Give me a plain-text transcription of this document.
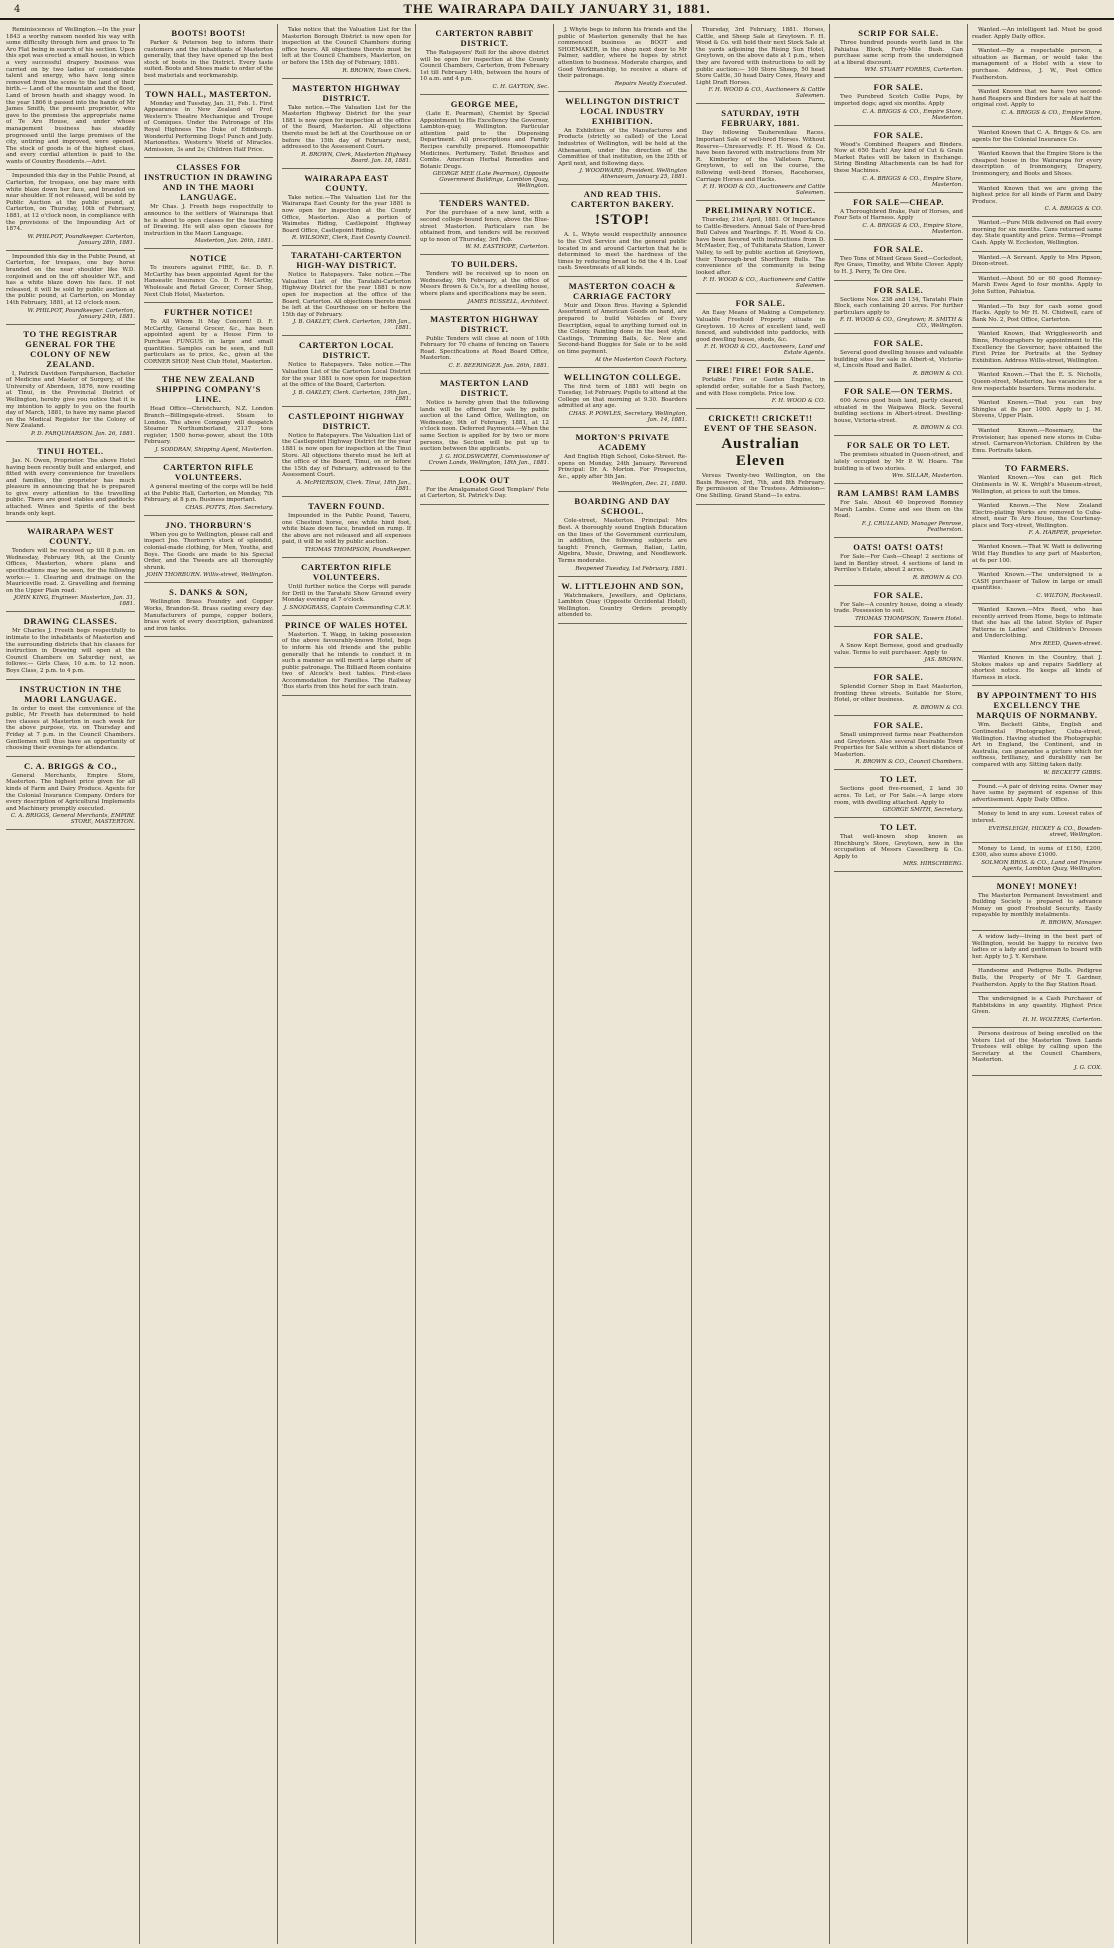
4	THE WAIRARAPA DAILY JANUARY 31, 1881.

Reminiscences of Wellington.—In the year 1843 a worthy ransom needed his way with some difficulty through fern and grass to Te Aro Flat being in search of his section. Upon this spot was erected a small house, in which a very successful drapery business was carried on by two ladies of considerable talent and energy, who have long since removed from the scene to the land of their birth.— Land of the mountain and the flood, Land of brown heath and shaggy wood. In the year 1866 it passed into the hands of Mr James Smith, the present proprietor, who gave to the premises the appropriate name of Te Aro House, and under whose management business has steadily progressed until the large premises of the city, untiring and improved, were opened. The stock of goods is of the highest class, and every cordial attention is paid to the wants of Country Residents.—Advt.

Impounded this day in the Public Pound, at Carterton, for trespass, one bay mare with white blaze down her face, and branded on near shoulder. If not released, will be sold by Public Auction at the public pound, at Carterton, on Thursday, 10th of February, 1881, at 12 o'clock noon, in compliance with the provisions of the Impounding Act of 1874.

W. PHILPOT, Poundkeeper. Carterton, January 28th, 1881.

Impounded this day in the Public Pound, at Carterton, for trespass, one bay horse branded on the near shoulder like W.D. conjoined and on the off shoulder W.F., and has a white blaze down his face. If not released, it will be sold by public auction at the public pound, at Carterton, on Monday 14th February, 1881, at 12 o'clock noon.

W. PHILPOT, Poundkeeper. Carterton, January 24th, 1881.
TO THE REGISTRAR GENERAL FOR THE COLONY OF NEW ZEALAND.

I, Patrick Davidson Farquharson, Bachelor of Medicine and Master of Surgery, of the University of Aberdeen, 1876, now residing at Tinui, in the Provincial District of Wellington, hereby give you notice that it is my intention to apply to you on the fourth day of March, 1881, to have my name placed on the Medical Register for the Colony of New Zealand.

P. D. FARQUHARSON. Jan. 26, 1881.
TINUI HOTEL.

Jas. N. Owen, Proprietor. The above Hotel having been recently built and enlarged, and fitted with every convenience for travellers and families, the proprietor has much pleasure in announcing that he is prepared to give every attention to the travelling public. There are good stables and paddocks attached. Wines and Spirits of the best brands only kept.

WAIRARAPA WEST COUNTY.

Tenders will be received up till 8 p.m. on Wednesday, February 9th, at the County Offices, Masterton, where plans and specifications may be seen, for the following works:— 1. Clearing and drainage on the Mauriceville road. 2. Gravelling and forming on the Upper Plain road.

JOHN KING, Engineer. Masterton, Jan. 31, 1881.
DRAWING CLASSES.

Mr Charles J. Freeth begs respectfully to intimate to the inhabitants of Masterton and the surrounding districts that his classes for instruction in Drawing will open at the Council Chambers on Saturday next, as follows:— Girls Class, 10 a.m. to 12 noon. Boys Class, 2 p.m. to 4 p.m.

INSTRUCTION IN THE MAORI LANGUAGE.

In order to meet the convenience of the public, Mr Freeth has determined to hold two classes at Masterton in each week for the above purpose, viz. on Thursday and Friday at 7 p.m. in the Council Chambers. Gentlemen will thus have an opportunity of choosing their evenings for attendance.

C. A. BRIGGS & CO.,

General Merchants, Empire Store, Masterton. The highest price given for all kinds of Farm and Dairy Produce. Agents for the Colonial Insurance Company. Orders for every description of Agricultural Implements and Machinery promptly executed.

C. A. BRIGGS, General Merchants, EMPIRE STORE, MASTERTON.
BOOTS! BOOTS!

Parker & Peterson beg to inform their customers and the inhabitants of Masterton generally, that they have opened up the best stock of boots in the District. Every taste suited. Boots and Shoes made to order of the best materials and workmanship.

TOWN HALL, MASTERTON.

Monday and Tuesday, Jan. 31, Feb. 1. First Appearance in New Zealand of Prof. Western's Theatre Mechanique and Troupe of Comiques. Under the Patronage of His Royal Highness The Duke of Edinburgh. Wonderful Performing Dogs! Punch and Judy. Marionettes. Western's World of Miracles. Admission, 3s and 2s; Children Half Price.

CLASSES FOR INSTRUCTION IN DRAWING AND IN THE MAORI LANGUAGE.

Mr Chas. J. Freeth begs respectfully to announce to the settlers of Wairarapa that he is about to open classes for the teaching of Drawing. He will also open classes for instruction in the Maori Language.

Masterton, Jan. 26th, 1881.
NOTICE

To insurers against FIRE, &c. D. F. McCarthy has been appointed Agent for the Hanseatic Insurance Co. D. F. McCarthy, Wholesale and Retail Grocer, Corner Shop, Next Club Hotel, Masterton.

FURTHER NOTICE!

To All Whom It May Concern! D. F. McCarthy, General Grocer, &c., has been appointed agent by a House Firm to Purchase FUNGUS in large and small quantities. Samples can be seen, and full particulars as to price, &c., given at the CORNER SHOP, Next Club Hotel, Masterton.

THE NEW ZEALAND SHIPPING COMPANY'S LINE.

Head Office—Christchurch, N.Z. London Branch—Billingsgate-street. Steam to London. The above Company will despatch Steamer Northumberland, 2137 tons register, 1500 horse-power, about the 10th February.

J. SODDRAN, Shipping Agent, Masterton.
CARTERTON RIFLE VOLUNTEERS.

A general meeting of the corps will be held at the Public Hall, Carterton, on Monday, 7th February, at 8 p.m. Business important.

CHAS. POTTS, Hon. Secretary.
JNO. THORBURN'S

When you go to Wellington, please call and inspect Jno. Thorburn's stock of splendid, colonial-made clothing, for Men, Youths, and Boys. The Goods are made to his Special Order, and the Tweeds are all thoroughly shrunk.

JOHN THORBURN. Willis-street, Wellington.
S. DANKS & SON,

Wellington Brass Foundry and Copper Works, Brandon-St. Brass casting every day. Manufacturers of pumps, copper boilers, brass work of every description, galvanized and iron tanks.

Take notice that the Valuation List for the Masterton Borough District is now open for inspection at the Council Chambers during office hours. All objections thereto must be left at the Council Chambers, Masterton, on or before the 15th day of February, 1881.

R. BROWN, Town Clerk.
MASTERTON HIGHWAY DISTRICT.

Take notice.—The Valuation List for the Masterton Highway District for the year 1881 is now open for inspection at the office of the Board, Masterton. All objections thereto must be left at the Courthouse on or before the 15th day of February next, addressed to the Assessment Court.

R. BROWN, Clerk, Masterton Highway Board. Jan. 18, 1881.
WAIRARAPA EAST COUNTY.

Take notice.—The Valuation List for the Wairarapa East County for the year 1881 is now open for inspection at the County Office, Masterton. Also a portion of Waimetes Riding, Castlepoint Highway Board Office, Castlepoint Riding.

R. WILSONE, Clerk, East County Council.
TARATAHI-CARTERTON HIGH-WAY DISTRICT.

Notice to Ratepayers. Take notice.—The Valuation List of the Taratahi-Carterton Highway District for the year 1881 is now open for inspection at the office of the Board, Carterton. All objections thereto must be left at the Courthouse on or before the 15th day of February.

J. B. OAKLEY, Clerk. Carterton, 19th Jan., 1881.
CARTERTON LOCAL DISTRICT.

Notice to Ratepayers. Take notice.—The Valuation List of the Carterton Local District for the year 1881 is now open for inspection at the office of the Board, Carterton.

J. B. OAKLEY, Clerk. Carterton, 19th Jan., 1881.
CASTLEPOINT HIGHWAY DISTRICT.

Notice to Ratepayers. The Valuation List of the Castlepoint Highway District for the year 1881 is now open for inspection at the Tinui Store. All objections thereto must be left at the office of the Board, Tinui, on or before the 15th day of February, addressed to the Assessment Court.

A. McPHERSON, Clerk. Tinui, 18th Jan., 1881.
TAVERN FOUND.

Impounded in the Public Pound, Taueru, one Chestnut horse, one white hind foot, white blaze down face, branded on rump. If the above are not released and all expenses paid, it will be sold by public auction.

THOMAS THOMPSON, Poundkeeper.
CARTERTON RIFLE VOLUNTEERS.

Until further notice the Corps will parade for Drill in the Taratahi Show Ground every Monday evening at 7 o'clock.

J. SNODGRASS, Captain Commanding C.R.V.
PRINCE OF WALES HOTEL

Masterton. T. Wagg, in taking possession of the above favourably-known Hotel, begs to inform his old friends and the public generally that he intends to conduct it in such a manner as will merit a large share of public patronage. The Billiard Room contains two of Alcock's best tables. First-class Accommodation for Families. The Railway 'Bus starts from this hotel for each train.

CARTERTON RABBIT DISTRICT.

The Ratepayers' Roll for the above district will be open for inspection at the County Council Chambers, Carterton, from February 1st till February 14th, between the hours of 10 a.m. and 4 p.m.

C. H. GAYTON, Sec.
GEORGE MEE,

(Late E. Pearman), Chemist by Special Appointment to His Excellency the Governor, Lambton-quay, Wellington. Particular attention paid to the Dispensing Department. All prescriptions and Family Recipes carefully prepared. Homoeopathic Medicines. Perfumery. Toilet Brushes and Combs. American Herbal Remedies and Botanic Drugs.

GEORGE MEE (Late Pearman), Opposite Government Buildings, Lambton Quay, Wellington.
TENDERS WANTED.

For the purchase of a new land, with a second college-bound fence, above the Blue-street Masterton. Particulars can be obtained from, and tenders will be received up to noon of Thursday, 3rd Feb.

W. M. EASTHOPE, Carterton.
TO BUILDERS.

Tenders will be received up to noon on Wednesday, 9th February, at the office of Messrs Brown & Co.'s, for a dwelling house, where plans and specifications may be seen.

JAMES RUSSELL, Architect.
MASTERTON HIGHWAY DISTRICT.

Public Tenders will close at noon of 10th February for 70 chains of fencing on Taueru Road. Specifications at Road Board Office, Masterton.

C. E. BEERINGER. Jan. 26th, 1881.
MASTERTON LAND DISTRICT.

Notice is hereby given that the following lands will be offered for sale by public auction at the Land Office, Wellington, on Wednesday, 9th of February, 1881, at 12 o'clock noon. Deferred Payments.—When the same Section is applied for by two or more persons, the Section will be put up to auction between the applicants.

J. G. HOLDSWORTH, Commissioner of Crown Lands, Wellington, 18th Jan., 1881.
LOOK OUT

For the Amalgamated Good Templars' Fete at Carterton, St. Patrick's Day.

J. Whyte begs to inform his friends and the public of Masterton generally that he has commenced business as BOOT and SHOEMAKER, in the shop next door to Mr Palmer, saddler, where he hopes by strict attention to business. Moderate charges, and Good Workmanship, to receive a share of their patronage.

Repairs Neatly Executed.
WELLINGTON DISTRICT LOCAL INDUSTRY EXHIBITION.

An Exhibition of the Manufactures and Products (strictly so called) of the Local Industries of Wellington, will be held at the Athenaeum, under the direction of the Committee of that institution, on the 25th of April next, and following days.

J. WOODWARD, President. Wellington Athenaeum, January 25, 1881.
AND READ THIS. CARTERTON BAKERY.
!STOP!

A. L. Whyte would respectfully announce to the Civil Service and the general public located in and around Carterton that he is determined to meet the hardness of the times by reducing bread to 6d the 4 lb. Loaf cash. Sweetmeats of all kinds.

MASTERTON COACH & CARRIAGE FACTORY

Muir and Dixon Bros. Having a Splendid Assortment of American Goods on hand, are prepared to build Vehicles of Every Description, equal to anything turned out in the Colony. Painting done in the best style. Castings, Trimming Bails, &c. New and Second-hand Buggies for Sale or to be sold on time payment.

At the Masterton Coach Factory.
WELLINGTON COLLEGE.

The first term of 1881 will begin on Tuesday, 1st February. Pupils to attend at the College on that morning at 9.30. Boarders admitted at any age.

CHAS. P. POWLES, Secretary. Wellington, Jan. 14, 1881.
MORTON'S PRIVATE ACADEMY

And English High School, Coke-Street. Re-opens on Monday, 24th January. Reverend Principal: Dr. A. Morton. For Prospectus, &c., apply after 5th Jan.

Wellington, Dec. 21, 1880.
BOARDING AND DAY SCHOOL.

Cole-street, Masterton. Principal: Mrs Best. A thoroughly sound English Education on the lines of the Government curriculum, in addition, the following subjects are taught: French, German, Italian, Latin, Algebra, Music, Drawing, and Needlework. Terms moderate.

Reopened Tuesday, 1st February, 1881.
W. LITTLEJOHN AND SON,

Watchmakers, Jewellers, and Opticians, Lambton Quay (Opposite Occidental Hotel), Wellington. Country Orders promptly attended to.

Thursday, 3rd February, 1881. Horses, Cattle, and Sheep Sale at Greytown. F. H. Wood & Co. will hold their next Stock Sale at the yards adjoining the Rising Sun Hotel, Greytown, on the above date at 1 p.m., when they are favored with instructions to sell by public auction:— 100 Store Sheep, 50 head Store Cattle, 30 head Dairy Cows, Heavy and Light Draft Horses.

F. H. WOOD & CO., Auctioneers & Cattle Salesmen.
SATURDAY, 19TH FEBRUARY, 1881.

Day following Tauherenikau Races. Important Sale of well-bred Horses. Without Reserve—Unreservedly. F. H. Wood & Co. have been favored with instructions from Mr R. Kimberley of the Valletson Farm, Greytown, to sell on the course, the following well-bred Horses, Racehorses, Carriage Horses and Hacks.

F. H. WOOD & CO., Auctioneers and Cattle Salesmen.
PRELIMINARY NOTICE.

Thursday, 21st April, 1881. Of Importance to Cattle-Breeders. Annual Sale of Pure-bred Bull Calves and Yearlings. F. H. Wood & Co. have been favored with instructions from D. McMaster, Esq., of Tuhitarata Station, Lower Valley, to sell by public auction at Greytown, their Thorough-bred Shorthorn Bulls. The convenience of the community is being looked after.

F. H. WOOD & CO., Auctioneers and Cattle Salesmen.
FOR SALE.

An Easy Means of Making a Competency. Valuable Freehold Property situate in Greytown. 10 Acres of excellent land, well fenced, and subdivided into paddocks, with good dwelling house, sheds, &c.

F. H. WOOD & CO., Auctioneers, Land and Estate Agents.
FIRE! FIRE! FOR SALE.

Portable Fire or Garden Engine, in splendid order, suitable for a Sash Factory, and with Hose complete. Price low.

F. H. WOOD & CO.
CRICKET!! CRICKET!! EVENT OF THE SEASON.
Australian Eleven

Versus Twenty-two Wellington, on the Basin Reserve, 3rd, 7th, and 8th February. By permission of the Trustees. Admission—One Shilling. Grand Stand—1s extra.

SCRIP FOR SALE.

Three hundred pounds worth land in the Pahiatua Block, Forty-Mile Bush. Can purchase same scrip from the undersigned at a liberal discount.

WM. STUART FORBES, Carterton.
FOR SALE.

Two Purebred Scotch Collie Pups, by imported dogs; aged six months. Apply

C. A. BRIGGS & CO., Empire Store, Masterton.
FOR SALE.

Wood's Combined Reapers and Binders. Now at 650 Each! Any kind of Cut & Grain Market Rates will be taken in Exchange. String Binding Attachments can be had for these Machines.

C. A. BRIGGS & CO., Empire Store, Masterton.
FOR SALE—CHEAP.

A Thoroughbred Brake, Pair of Horses, and Four Sets of Harness. Apply

C. A. BRIGGS & CO., Empire Store, Masterton.
FOR SALE.

Two Tons of Mixed Grass Seed—Cocksfoot, Rye Grass, Timothy, and White Clover. Apply to H. J. Perry, Te Ore Ore.

FOR SALE.

Sections Nos. 238 and 134, Taratahi Plain Block, each containing 20 acres. For further particulars apply to

F. H. WOOD & CO., Greytown; R. SMITH & CO., Wellington.
FOR SALE.

Several good dwelling houses and valuable building sites for sale in Albert-st, Victoria-st, Lincoln Road and Ballet.

R. BROWN & CO.
FOR SALE—ON TERMS.

600 Acres good bush land, partly cleared, situated in the Waipawa Block. Several building sections in Albert-street. Dwelling-house, Victoria-street.

R. BROWN & CO.
FOR SALE OR TO LET.

The premises situated in Queen-street, and lately occupied by Mr P. W. Hoare. The building is of two stories.

Wm. SILLAR, Masterton.
RAM LAMBS! RAM LAMBS

For Sale. About 40 Improved Romney Marsh Lambs. Come and see them on the Road.

F. J. CRULLAND, Manager Penrose, Featherston.
OATS! OATS! OATS!

For Sale—For Cash—Cheap! 2 sections of land in Bentley street. 4 sections of land in Perrilee's Estate, about 2 acres.

R. BROWN & CO.
FOR SALE.

For Sale—A country house, doing a steady trade. Possession to suit.

THOMAS THOMPSON, Tawern Hotel.
FOR SALE.

A Snow Kept Bernese, good and gradually value. Terms to suit purchaser. Apply to

JAS. BROWN.
FOR SALE.

Splendid Corner Shop in East Masterton, fronting three streets. Suitable for Store, Hotel, or other business.

R. BROWN & CO.
FOR SALE.

Small unimproved farms near Featherston and Greytown. Also several Desirable Town Properties for Sale within a short distance of Masterton.

R. BROWN & CO., Council Chambers.
TO LET.

Sections good five-roomed, 2 land 30 acres. To Let, or For Sale.—A large store room, with dwelling attached. Apply to

GEORGE SMITH, Secretary.
TO LET.

That well-known shop known as Hinchburg's Store, Greytown, now in the occupation of Messrs Casselberg & Co. Apply to

MRS. HIRSCHBERG.

Wanted.—An intelligent lad. Must be good reader. Apply Daily office.

Wanted.—By a respectable person, a situation as Barman, or would take the management of a Hotel with a view to purchase. Address, J. W., Post Office Featherston.

Wanted Known that we have two second-hand Reapers and Binders for sale at half the original cost. Apply to

C. A. BRIGGS & CO., Empire Store, Masterton.

Wanted Known that C. A. Briggs & Co. are agents for the Colonial Insurance Co.

Wanted Known that the Empire Store is the cheapest house in the Wairarapa for every description of Ironmongery, Drapery, Ironmongery, and Boots and Shoes.

Wanted Known that we are giving the highest price for all kinds of Farm and Dairy Produce.

C. A. BRIGGS & CO.

Wanted.—Pure Milk delivered on Rail every morning for six months. Cans returned same day. State quantity and price. Terms—Prompt Cash. Apply W. Eccleston, Wellington.

Wanted.—A Servant. Apply to Mrs Pipson, Dixon-street.

Wanted.—About 50 or 60 good Romney-Marsh Ewes Aged to four months. Apply to John Sutton, Pahiatua.

Wanted.—To buy for cash some good Hacks. Apply to Mr H. M. Chidwell, care of Bank No. 2, Post Office, Carterton.

Wanted Known, that Wrigglesworth and Binns, Photographers by appointment to His Excellency the Governor, have obtained the First Prize for Portraits at the Sydney Exhibition. Address Willis-street, Wellington.

Wanted Known.—That the E. S. Nicholls, Queen-street, Masterton, has vacancies for a few respectable boarders. Terms moderate.

Wanted Known.—That you can buy Shingles at 8s per 1000. Apply to J. M. Stevens, Upper Plain.

Wanted Known.—Rosemary, the Provisioner, has opened new stores in Cuba-street. Carnarvon-Victorian. Children by the Emu. Portraits taken.

TO FARMERS.

Wanted Known.—You can get Rich Ointments in W. K. Wright's Museum-street, Wellington, at prices to suit the times.

Wanted Known.—The New Zealand Electro-plating Works are removed to Cuba-street, near Te Aro House, the Courtenay-place and Tory-street, Wellington.

F. A. HARPER, proprietor.

Wanted Known.—That W. Watt is delivering Wild Hay Bundles to any part of Masterton, at 6s per 100.

Wanted Known.—The undersigned is a CASH purchaser of Tallow in large or small quantities.

C. WILTON, Rockswall.

Wanted Known.—Mrs Reed, who has recently arrived from Home, begs to intimate that she has all the latest Styles of Paper Patterns in Ladies' and Children's Dresses and Underclothing.

Mrs REED, Queen-street.

Wanted Known in the Country, that J. Stokes makes up and repairs Saddlery at shortest notice. He keeps all kinds of Harness in stock.

BY APPOINTMENT TO HIS EXCELLENCY THE MARQUIS OF NORMANBY.

Wm. Beckett Gibbs, English and Continental Photographer, Cuba-street, Wellington. Having studied the Photographic Art in England, the Continent, and in Australia, can guarantee a picture which for softness, brilliancy, and durability can be compared with any. Sitting taken daily.

W. BECKETT GIBBS.

Found.—A pair of driving reins. Owner may have same by payment of expense of this advertisement. Apply Daily Office.

Money to lend in any sum. Lowest rates of interest.

EVERSLEIGH, HICKEY & CO., Bowden-street, Wellington.

Money to Lend, in sums of £150, £200, £300, also sums above £1000.

SOLMON BROS. & CO., Land and Finance Agents, Lambton Quay, Wellington.
MONEY! MONEY!

The Masterton Permanent Investment and Building Society is prepared to advance Money on good Freehold Security. Easily repayable by monthly instalments.

R. BROWN, Manager.

A widow lady—living in the best part of Wellington, would be happy to receive two ladies or a lady and gentleman to board with her. Apply to J. Y. Kershaw.

Handsome and Pedigree Bulls. Pedigree Bulls, the Property of Mr T. Gardner, Featherston. Apply to the Bay Station Road.

The undersigned is a Cash Purchaser of Rabbitskins in any quantity. Highest Price Given.

H. H. WOLTERS, Carterton.

Persons desirous of being enrolled on the Voters List of the Masterton Town Lands Trustees will oblige by calling upon the Secretary at the Council Chambers, Masterton.

J. G. COX.
